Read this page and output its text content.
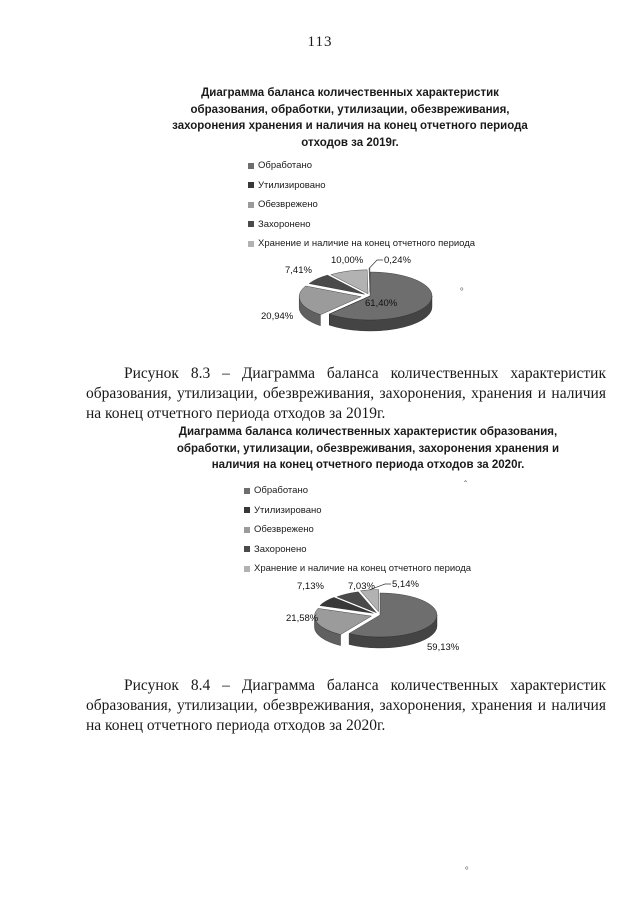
113
Диаграмма баланса количественных характеристик
образования, обработки, утилизации, обезвреживания,
захоронения хранения и наличия на конец отчетного периода
отходов за 2019г.
Обработано
Утилизировано
Обезврежено
Захоронено
Хранение и наличие на конец отчетного периода
61,40%
20,94%
7,41%
10,00% 0,24%
°
Рисунок 8.3 – Диаграмма баланса количественных характеристик
образования, утилизации, обезвреживания, захоронения, хранения и наличия
на конец отчетного периода отходов за 2019г.
Диаграмма баланса количественных характеристик образования,
обработки, утилизации, обезвреживания, захоронения хранения и
наличия на конец отчетного периода отходов за 2020г.
ˆ
Обработано
Утилизировано
Обезврежено
Захоронено
Хранение и наличие на конец отчетного периода
59,13%
21,58%
7,13%	7,03% 5,14%
Рисунок 8.4 – Диаграмма баланса количественных характеристик
образования, утилизации, обезвреживания, захоронения, хранения и наличия
на конец отчетного периода отходов за 2020г.
°
